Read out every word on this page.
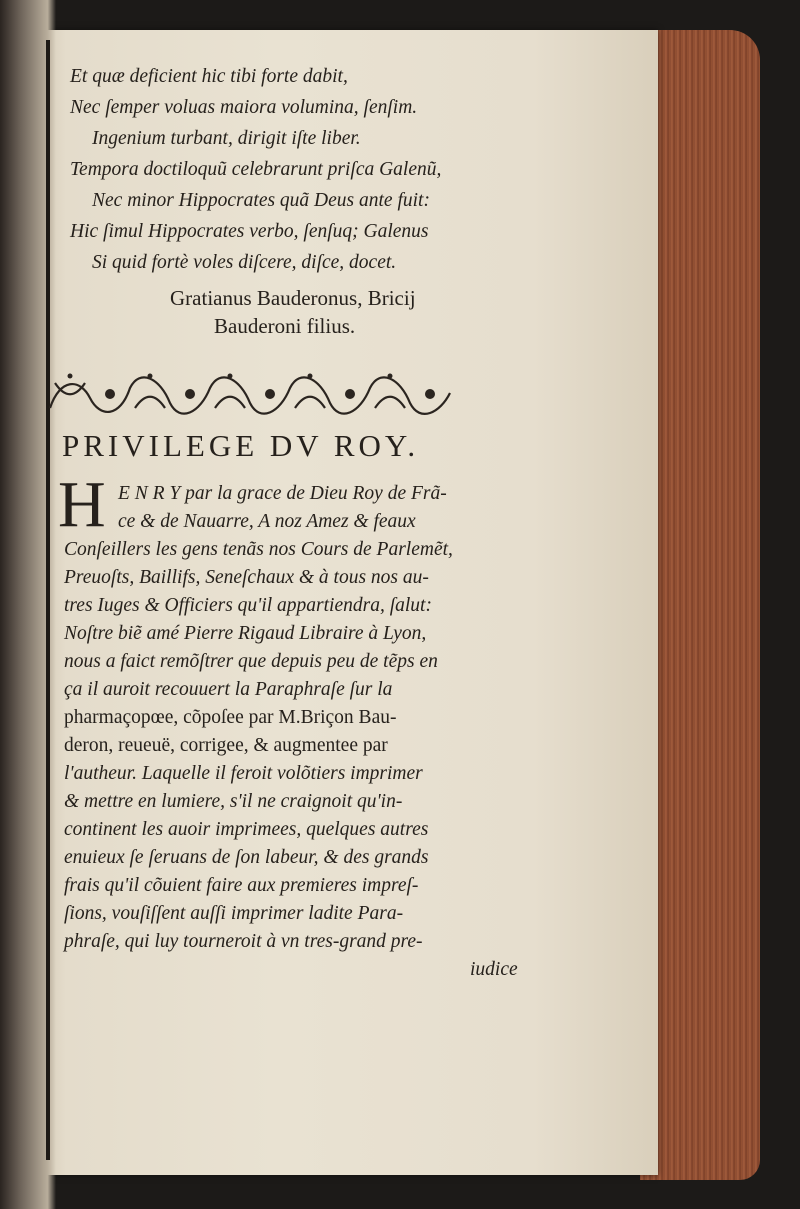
Et quæ deficient hic tibi forte dabit,
Nec ſemper voluas maiora volumina, ſenſim.
Ingenium turbant, dirigit iſte liber.
Tempora doctiloquũ celebrarunt priſca Galenũ,
Nec minor Hippocrates quã Deus ante fuit:
Hic ſimul Hippocrates verbo, ſenſuq; Galenus
Si quid fortè voles diſcere, diſce, docet.
Gratianus Bauderonus, Bricij
Bauderoni filius.
PRIVILEGE DV ROY.
H E N R Y par la grace de Dieu Roy de Frã-
ce & de Nauarre, A noz Amez & feaux
Conſeillers les gens tenãs nos Cours de Parlemẽt,
Preuoſts, Baillifs, Seneſchaux & à tous nos au-
tres Iuges & Officiers qu'il appartiendra, ſalut:
Noſtre biẽ amé Pierre Rigaud Libraire à Lyon,
nous a faict remõſtrer que depuis peu de tẽps en
ça il auroit recouuert la Paraphraſe ſur la
pharmaçopœe, cõpoſee par M.Briçon Bau-
deron, reueuë, corrigee, & augmentee par
l'autheur. Laquelle il feroit volõtiers imprimer
& mettre en lumiere, s'il ne craignoit qu'in-
continent les auoir imprimees, quelques autres
enuieux ſe ſeruans de ſon labeur, & des grands
frais qu'il cõuient faire aux premieres impreſ-
ſions, vouſiſſent auſſi imprimer ladite Para-
phraſe, qui luy tourneroit à vn tres-grand pre-
iudice
